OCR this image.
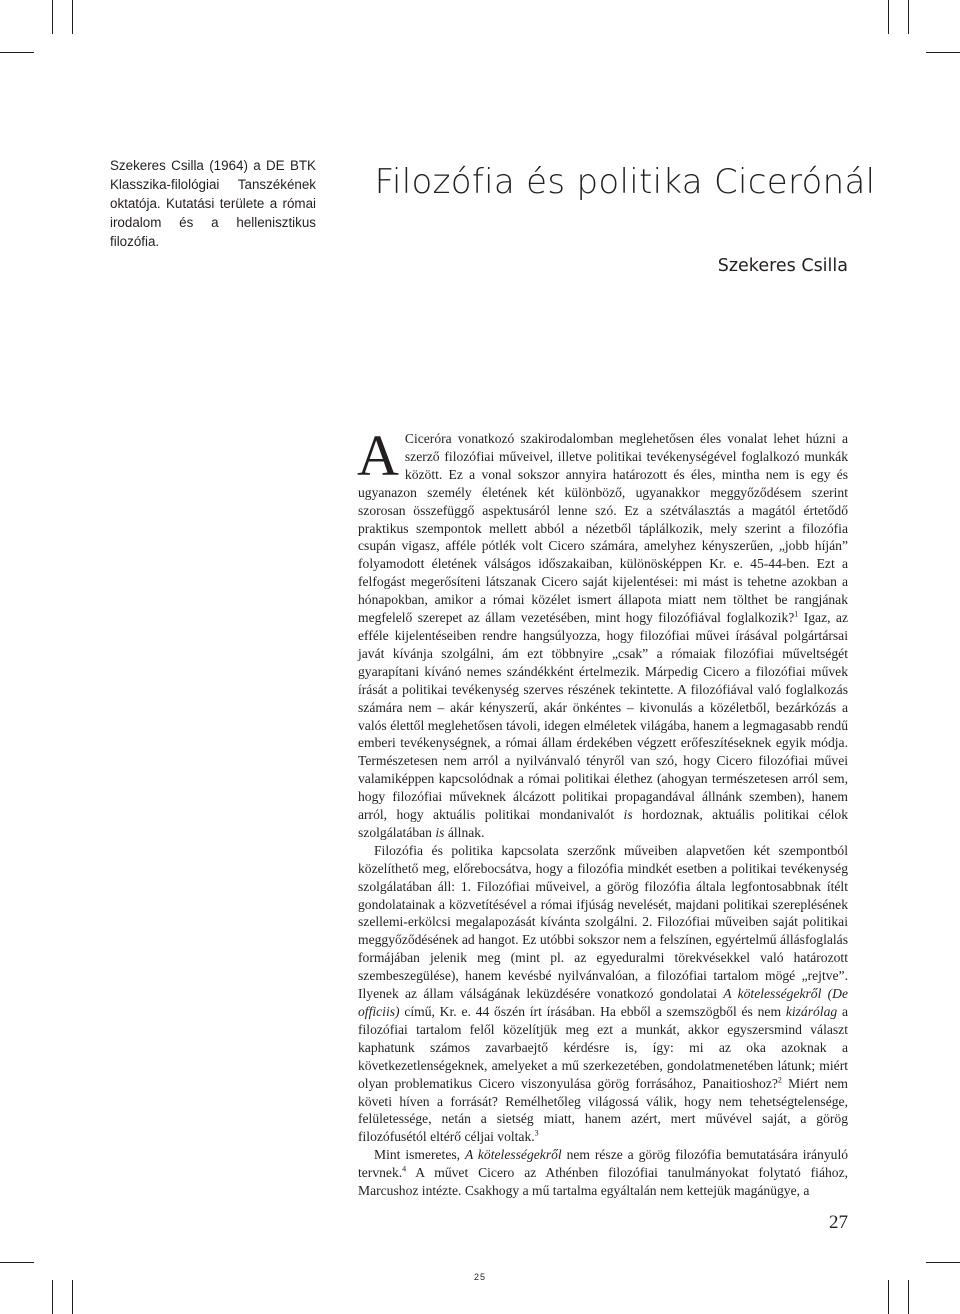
Szekeres Csilla (1964) a DE BTK Klasszika-filológiai Tanszékének oktatója. Kutatási területe a római irodalom és a hellenisztikus filozófia.

Filozófia és politika Cicerónál

Szekeres Csilla

A Cicerórа vonatkozó szakirodalomban meglehetősen éles vonalat lehet húzni a szerző filozófiai műveivel, illetve politikai tevékenységével foglalkozó munkák között. Ez a vonal sokszor annyira határozott és éles, mintha nem is egy és ugyanazon személy életének két különböző, ugyanakkor meggyőződésem szerint szorosan összefüggő aspektusáról lenne szó. Ez a szétválasztás a magától értetődő praktikus szempontok mellett abból a nézetből táplálkozik, mely szerint a filozófia csupán vigasz, afféle pótlék volt Cicero számára, amelyhez kényszerűen, „jobb híján” folyamodott életének válságos időszakaiban, különösképpen Kr. e. 45-44-ben. Ezt a felfogást megerősíteni látszanak Cicero saját kijelentései: mi mást is tehetne azokban a hónapokban, amikor a római közélet ismert állapota miatt nem tölthet be rangjának megfelelő szerepet az állam vezetésében, mint hogy filozófiával foglalkozik?$^1$ Igaz, az efféle kijelentéseiben rendre hangsúlyozza, hogy filozófiai művei írásával polgártársai javát kívánja szolgálni, ám ezt többnyire „csak” a rómaiak filozófiai műveltségét gyarapítani kívánó nemes szándékként értelmezik. Márpedig Cicero a filozófiai művek írását a politikai tevékenység szerves részének tekintette. A filozófiával való foglalkozás számára nem – akár kényszerű, akár önkéntes – kivonulás a közéletből, bezárkózás a valós élettől meglehetősen távoli, idegen elméletek világába, hanem a legmagasabb rendű emberi tevékenységnek, a római állam érdekében végzett erőfeszítéseknek egyik módja. Természetesen nem arról a nyilvánvaló tényről van szó, hogy Cicero filozófiai művei valamiképpen kapcsolódnak a római politikai élethez (ahogyan természetesen arról sem, hogy filozófiai műveknek álcázott politikai propagandával állnánk szemben), hanem arról, hogy aktuális politikai mondanivalót is hordoznak, aktuális politikai célok szolgálatában is állnak.

Filozófia és politika kapcsolata szerzőnk műveiben alapvetően két szempontból közelíthető meg, előrebocsátva, hogy a filozófia mindkét esetben a politikai tevékenység szolgálatában áll: 1. Filozófiai műveivel, a görög filozófia általa legfontosabbnak ítélt gondolatainak a közvetítésével a római ifjúság nevelését, majdani politikai szereplésének szellemi-erkölcsi megalapozását kívánta szolgálni. 2. Filozófiai műveiben saját politikai meggyőződésének ad hangot. Ez utóbbi sokszor nem a felszínen, egyértelmű állásfoglalás formájában jelenik meg (mint pl. az egyeduralmi törekvésekkel való határozott szembeszegülése), hanem kevésbé nyilvánvalóan, a filozófiai tartalom mögé „rejtve”. Ilyenek az állam válságának leküzdésére vonatkozó gondolatai A kötelességekről (De officiis) című, Kr. e. 44 őszén írt írásában. Ha ebből a szemszögből és nem kizárólag a filozófiai tartalom felől közelítjük meg ezt a munkát, akkor egyszersmind választ kaphatunk számos zavarbaejtő kérdésre is, így: mi az oka azoknak a következetlenségeknek, amelyeket a mű szerkezetében, gondolatmenetében látunk; miért olyan problematikus Cicero viszonyulása görög forrásához, Panaitioshoz?$^2$ Miért nem követi híven a forrását? Remélhetőleg világossá válik, hogy nem tehetségtelensége, felületessége, netán a sietség miatt, hanem azért, mert művével saját, a görög filozófusétól eltérő céljai voltak.$^3$

Mint ismeretes, A kötelességekről nem része a görög filozófia bemutatására irányuló tervnek.$^4$ A művet Cicero az Athénben filozófiai tanulmányokat folytató fiához, Marcushoz intézte. Csakhogy a mű tartalma egyáltalán nem kettejük magánügye, a

27

25
